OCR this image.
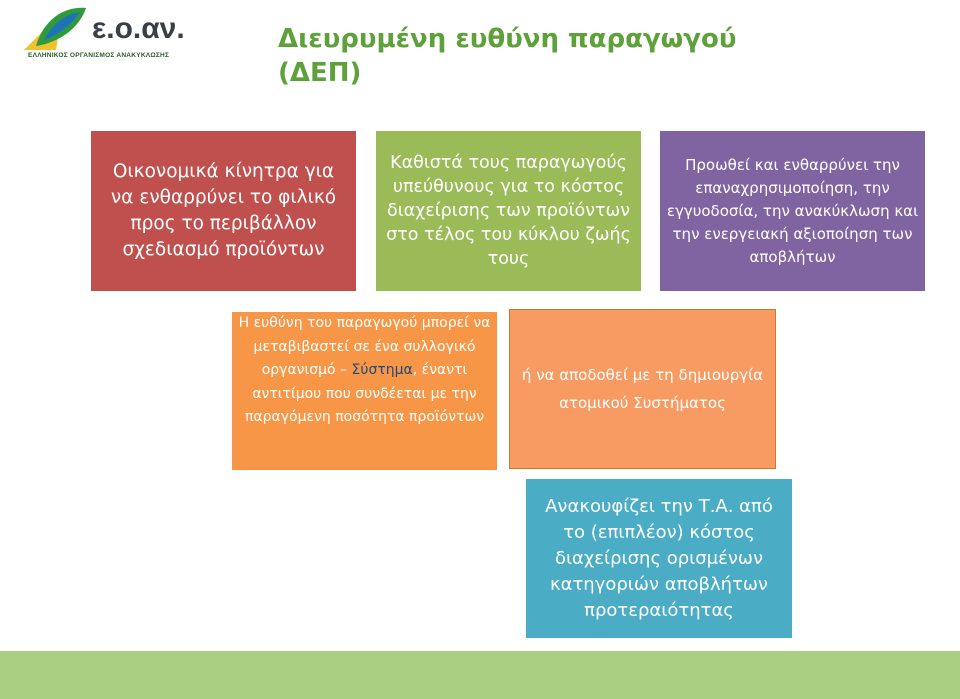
ε.ο.αν.
ΕΛΛΗΝΙΚΟΣ ΟΡΓΑΝΙΣΜΟΣ ΑΝΑΚΥΚΛΩΣΗΣ
Διευρυμένη ευθύνη παραγωγού
(ΔΕΠ)
Οικονομικά κίνητρα για να ενθαρρύνει το φιλικό προς το περιβάλλον σχεδιασμό προϊόντων
Καθιστά τους παραγωγούς υπεύθυνους για το κόστος διαχείρισης των προϊόντων στο τέλος του κύκλου ζωής τους
Προωθεί και ενθαρρύνει την επαναχρησιμοποίηση, την εγγυοδοσία, την ανακύκλωση και την ενεργειακή αξιοποίηση των αποβλήτων
Η ευθύνη του παραγωγού μπορεί να μεταβιβαστεί σε ένα συλλογικό οργανισμό – Σύστημα, έναντι αντιτίμου που συνδέεται με την παραγόμενη ποσότητα προϊόντων
ή να αποδοθεί με τη δημιουργία ατομικού Συστήματος
Ανακουφίζει την Τ.Α. από το (επιπλέον) κόστος διαχείρισης ορισμένων κατηγοριών αποβλήτων προτεραιότητας
